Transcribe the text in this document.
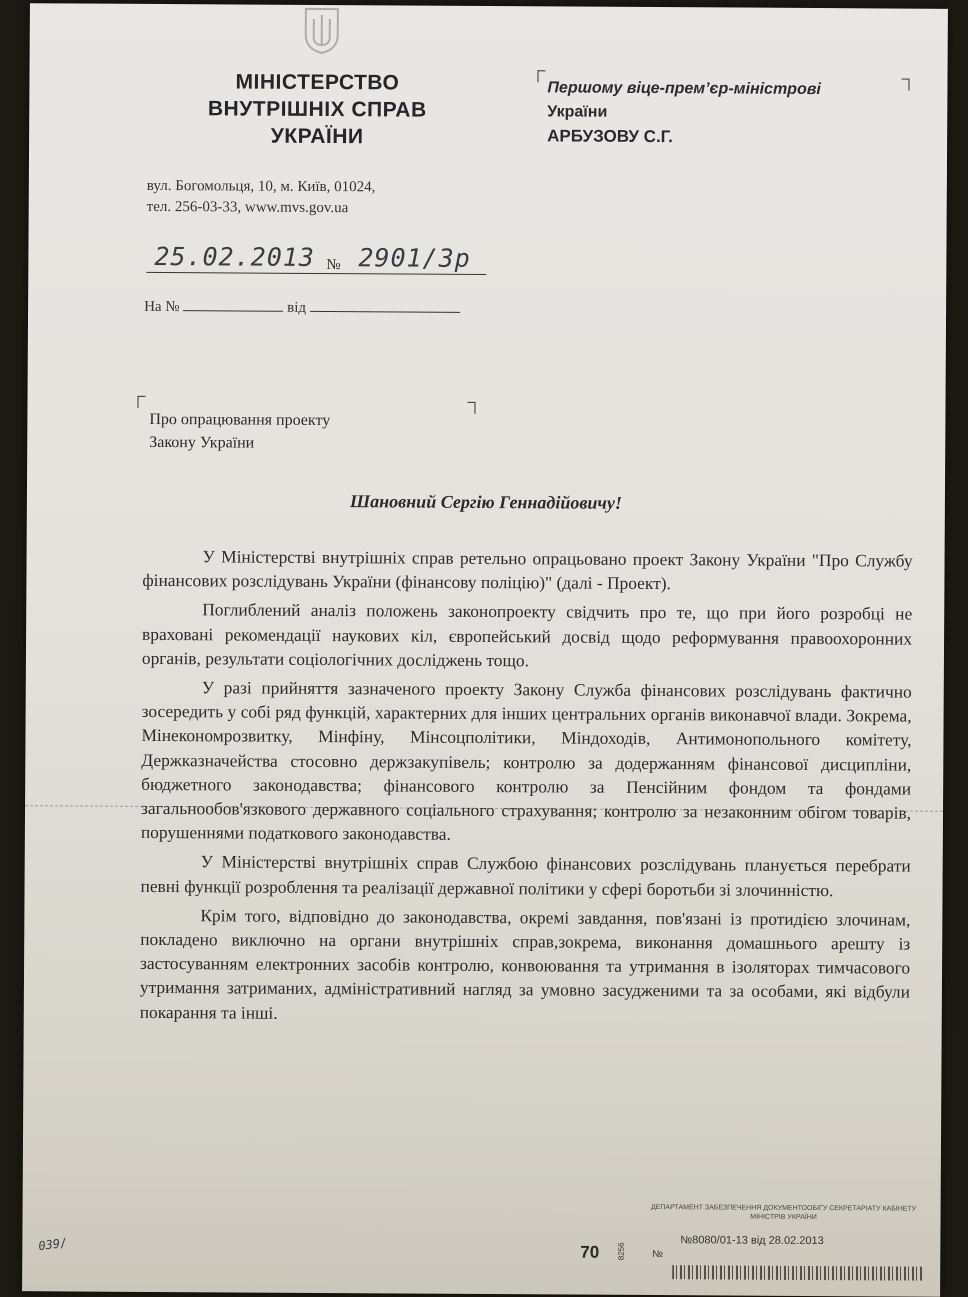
МІНІСТЕРСТВО
ВНУТРІШНІХ СПРАВ
УКРАЇНИ
вул. Богомольця, 10, м. Київ, 01024,
тел. 256-03-33, www.mvs.gov.ua
25.02.2013 № 2901/3р
На №	від
Першому віце-прем’єр-міністрові
України
АРБУЗОВУ С.Г.
Про опрацювання проекту
Закону України
Шановний Сергію Геннадійовичу!

У Міністерстві внутрішніх справ ретельно опрацьовано проект Закону України "Про Службу фінансових розслідувань України (фінансову поліцію)" (далі - Проект).

Поглиблений аналіз положень законопроекту свідчить про те, що при його розробці не враховані рекомендації наукових кіл, європейський досвід щодо реформування правоохоронних органів, результати соціологічних досліджень тощо.

У разі прийняття зазначеного проекту Закону Служба фінансових розслідувань фактично зосередить у собі ряд функцій, характерних для інших центральних органів виконавчої влади. Зокрема, Мінекономрозвитку, Мінфіну, Мінсоцполітики, Міндоходів, Антимонопольного комітету, Держказначейства стосовно держзакупівель; контролю за додержанням фінансової дисципліни, бюджетного законодавства; фінансового контролю за Пенсійним фондом та фондами загальнообов'язкового державного соціального страхування; контролю за незаконним обігом товарів, порушеннями податкового законодавства.

У Міністерстві внутрішніх справ Службою фінансових розслідувань планується перебрати певні функції розроблення та реалізації державної політики у сфері боротьби зі злочинністю.

Крім того, відповідно до законодавства, окремі завдання, пов'язані із протидією злочинам, покладено виключно на органи внутрішніх справ,зокрема, виконання домашнього арешту із застосуванням електронних засобів контролю, конвоювання та утримання в ізоляторах тимчасового утримання затриманих, адміністративний нагляд за умовно засудженими та за особами, які відбули покарання та інші.

ДЕПАРТАМЕНТ ЗАБЕЗПЕЧЕННЯ ДОКУМЕНТООБІГУ СЕКРЕТАРІАТУ КАБІНЕТУ МІНІСТРІВ УКРАЇНИ
70 8256	№
№8080/01-13 від 28.02.2013
039/
